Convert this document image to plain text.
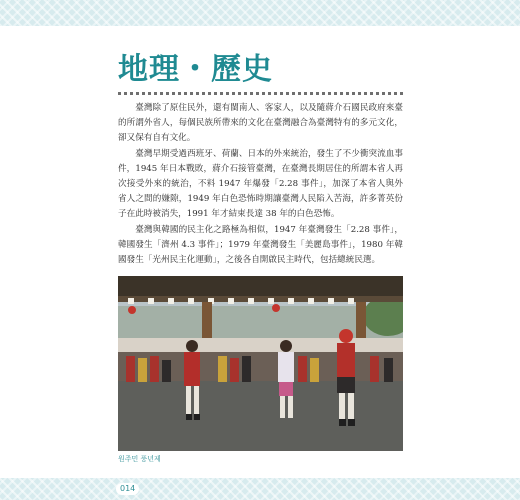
地理・歷史

臺灣除了原住民外，還有閩南人、客家人，以及隨蔣介石國民政府來臺的所謂外省人，每個民族所帶來的文化在臺灣融合為臺灣特有的多元文化，卻又保有自有文化。

臺灣早期受過西班牙、荷蘭、日本的外來統治，發生了不少衝突流血事件，1945 年日本戰敗，蔣介石接管臺灣，在臺灣長期居住的所謂本省人再次接受外來的統治，不料 1947 年爆發「2.28 事件」，加深了本省人與外省人之間的嫌隙，1949 年白色恐怖時期讓臺灣人民陷入苦海，許多菁英份子在此時被消失，1991 年才結束長達 38 年的白色恐怖。

臺灣與韓國的民主化之路極為相似，1947 年臺灣發生「2.28 事件」，韓國發生「濟州 4.3 事件」；1979 年臺灣發生「美麗島事件」，1980 年韓國發生「光州民主化運動」，之後各自開啟民主時代，包括總統民選。

원주민 풍년제
014
